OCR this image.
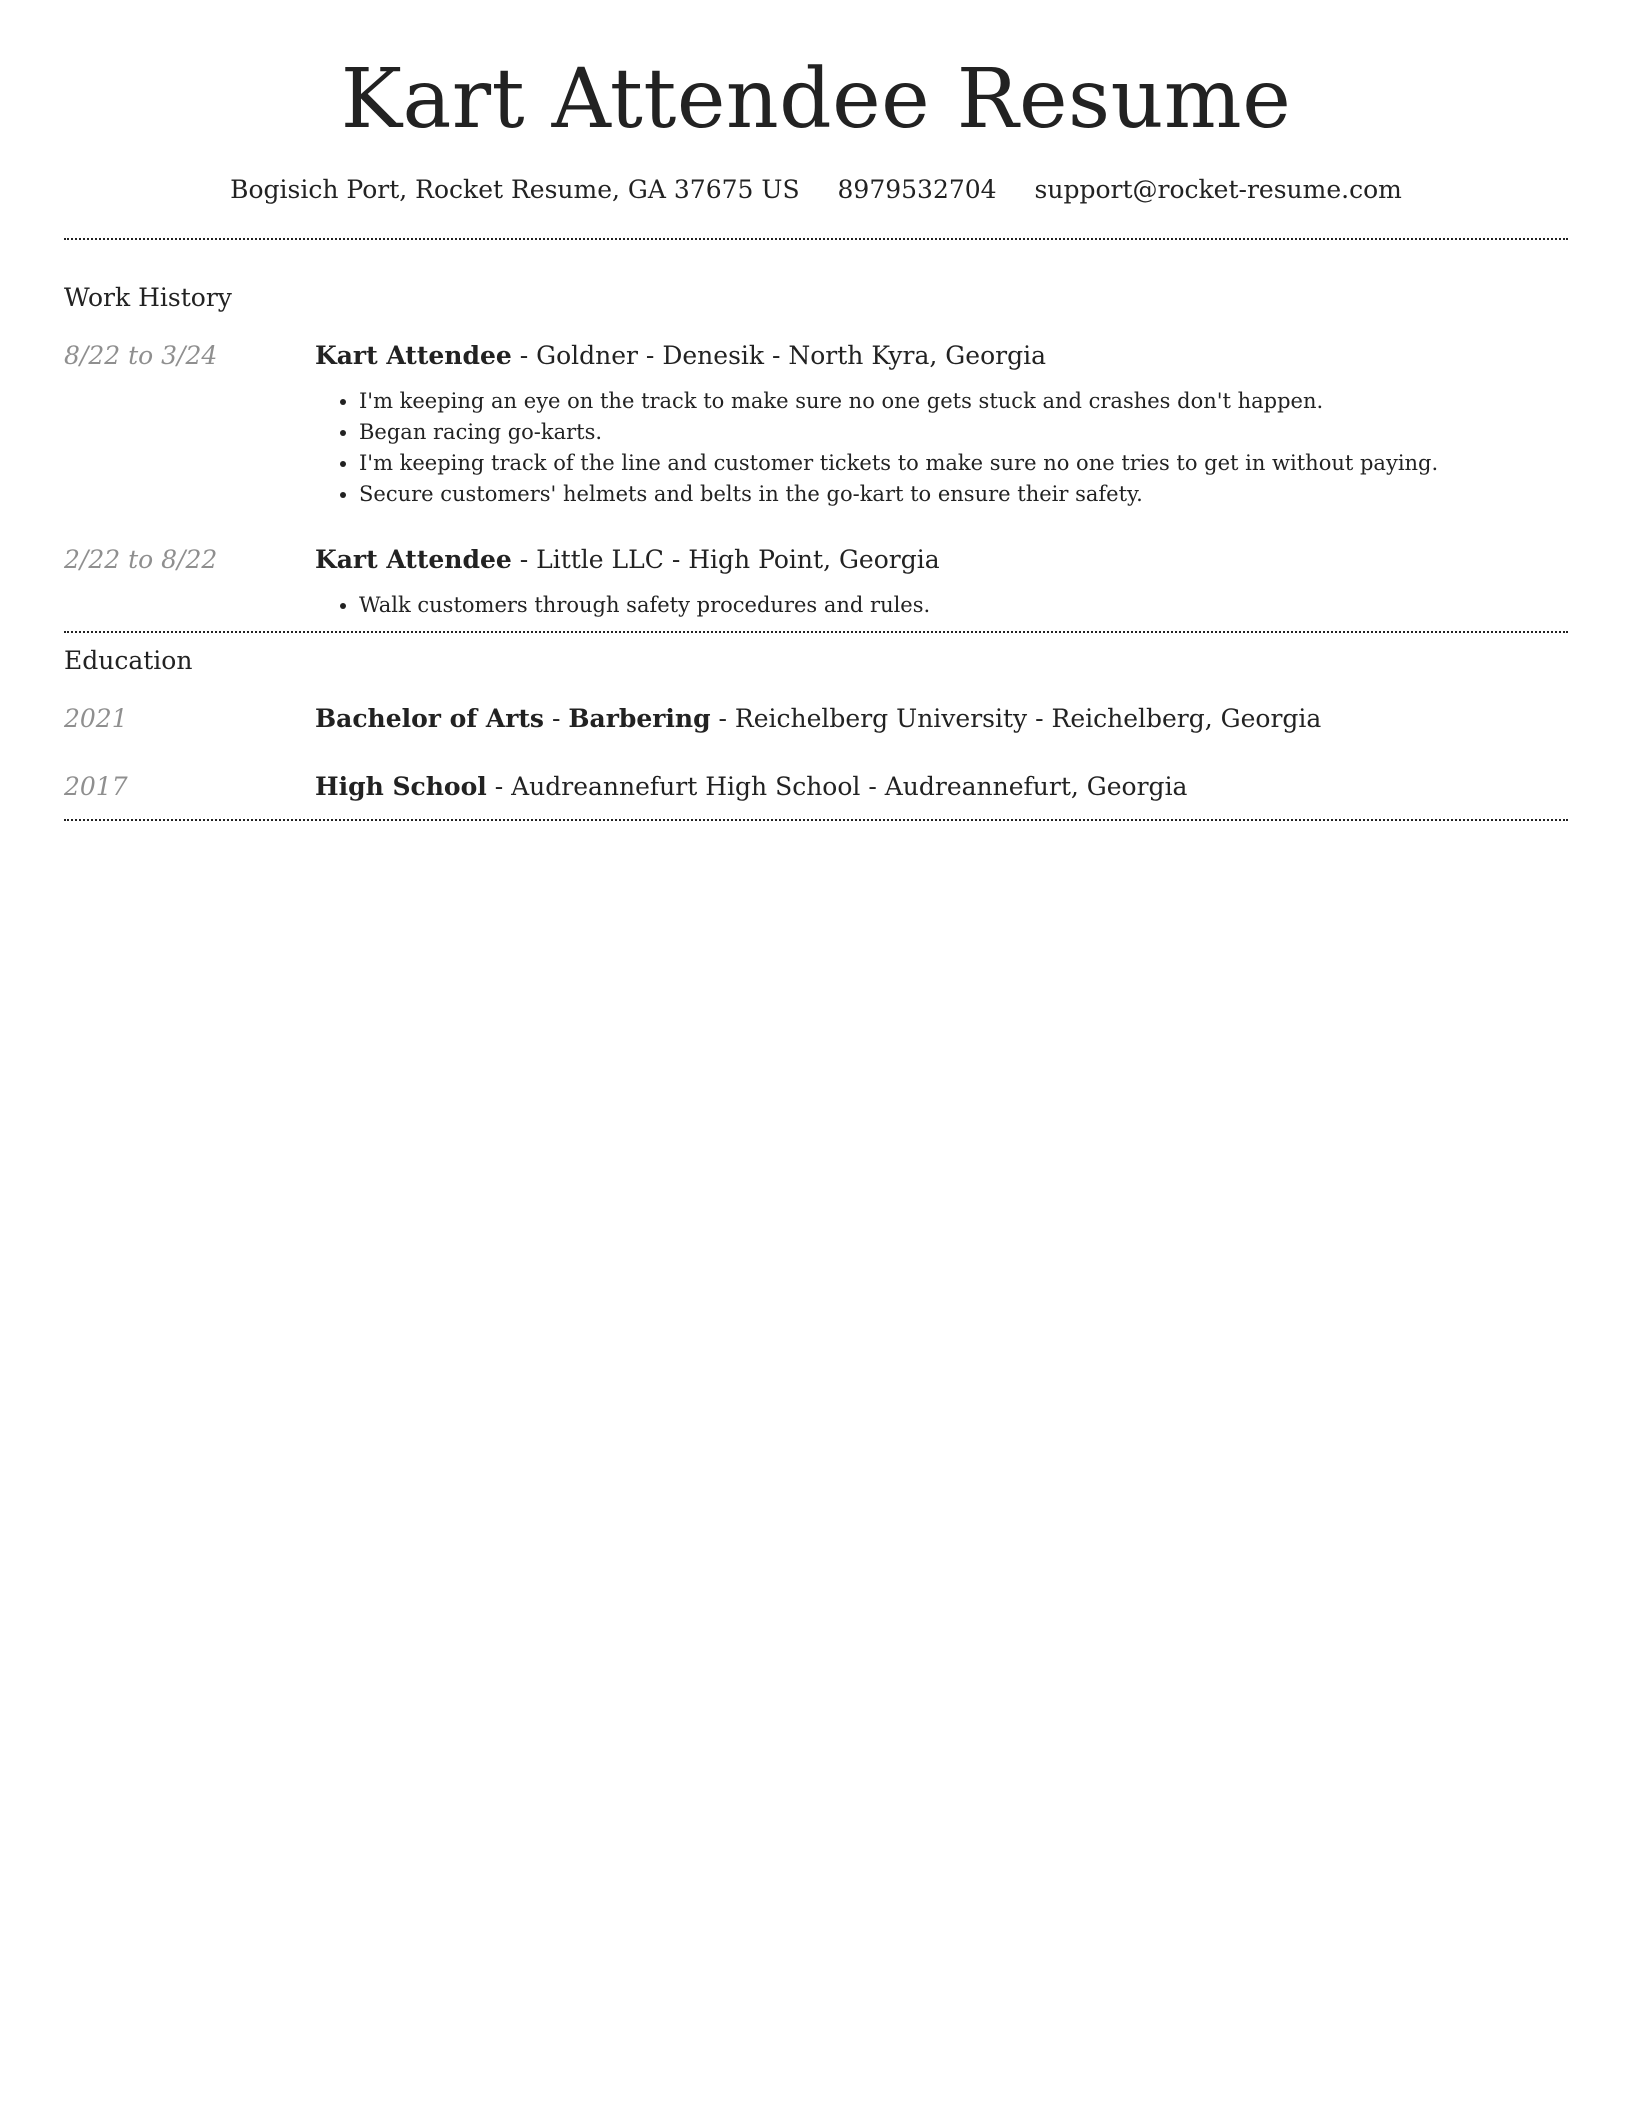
Kart Attendee Resume
Bogisich Port, Rocket Resume, GA 37675 US 8979532704 support@rocket-resume.com
Work History
8/22 to 3/24	Kart Attendee - Goldner - Denesik - North Kyra, Georgia
• I'm keeping an eye on the track to make sure no one gets stuck and crashes don't happen.
• Began racing go-karts.
• I'm keeping track of the line and customer tickets to make sure no one tries to get in without paying.
• Secure customers' helmets and belts in the go-kart to ensure their safety.
2/22 to 8/22	Kart Attendee - Little LLC - High Point, Georgia
• Walk customers through safety procedures and rules.
Education
2021	Bachelor of Arts - Barbering - Reichelberg University - Reichelberg, Georgia
2017	High School - Audreannefurt High School - Audreannefurt, Georgia
